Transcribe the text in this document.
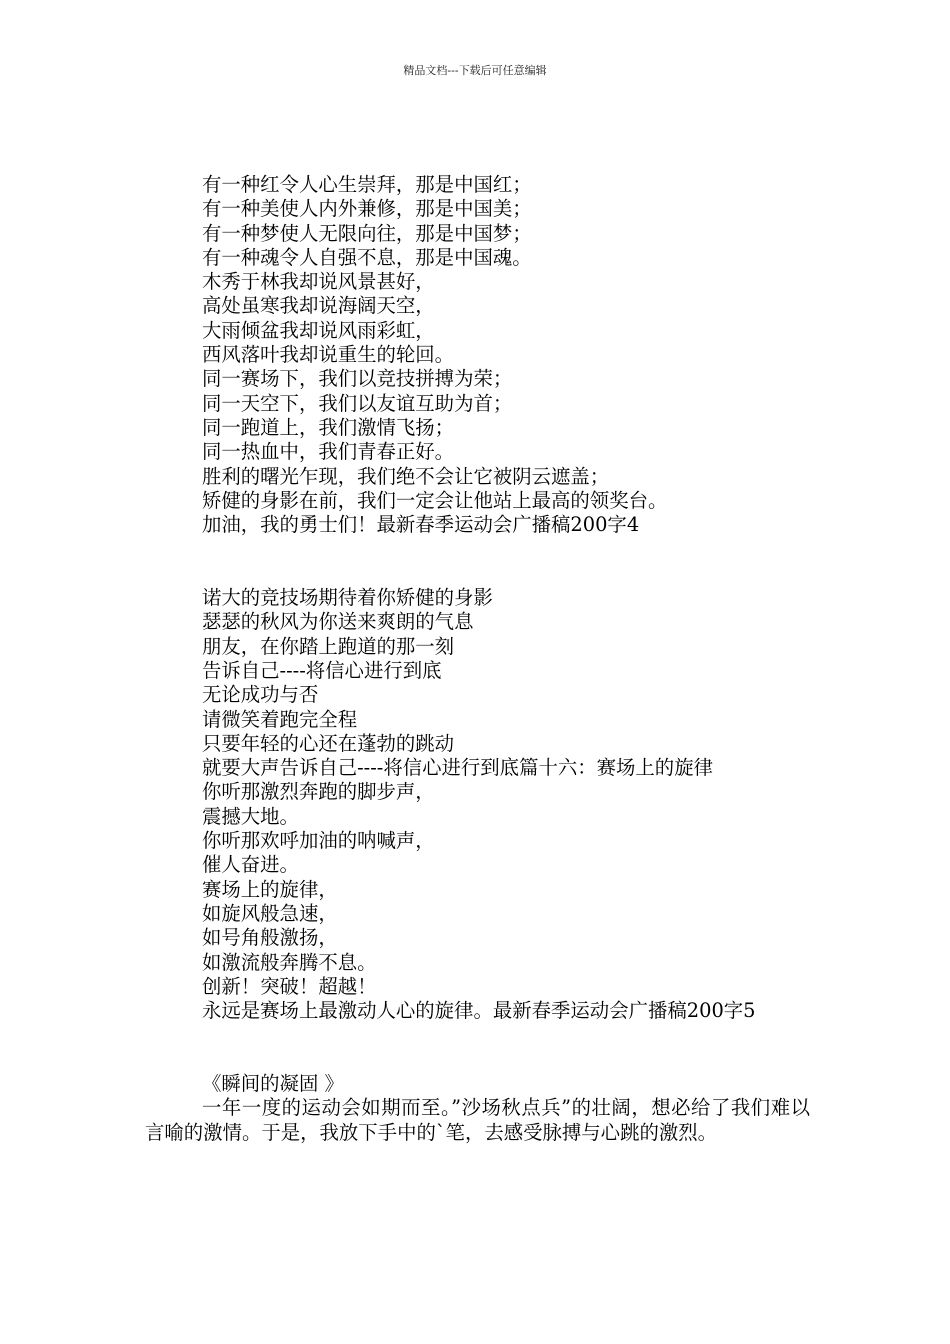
精品文档---下载后可任意编辑
有一种红令人心生崇拜，那是中国红；
有一种美使人内外兼修，那是中国美；
有一种梦使人无限向往，那是中国梦；
有一种魂令人自强不息，那是中国魂。
木秀于林我却说风景甚好，
高处虽寒我却说海阔天空，
大雨倾盆我却说风雨彩虹，
西风落叶我却说重生的轮回。
同一赛场下，我们以竞技拼搏为荣；
同一天空下，我们以友谊互助为首；
同一跑道上，我们激情飞扬；
同一热血中，我们青春正好。
胜利的曙光乍现，我们绝不会让它被阴云遮盖；
矫健的身影在前，我们一定会让他站上最高的领奖台。
加油，我的勇士们！最新春季运动会广播稿200字4
诺大的竞技场期待着你矫健的身影
瑟瑟的秋风为你送来爽朗的气息
朋友，在你踏上跑道的那一刻
告诉自己----将信心进行到底
无论成功与否
请微笑着跑完全程
只要年轻的心还在蓬勃的跳动
就要大声告诉自己----将信心进行到底篇十六：赛场上的旋律
你听那激烈奔跑的脚步声，
震撼大地。
你听那欢呼加油的呐喊声，
催人奋进。
赛场上的旋律，
如旋风般急速，
如号角般激扬，
如激流般奔腾不息。
创新！突破！超越！
永远是赛场上最激动人心的旋律。最新春季运动会广播稿200字5
《瞬间的凝固 》
一年一度的运动会如期而至。”沙场秋点兵”的壮阔，想必给了我们难以言喻的激情。于是，我放下手中的`笔，去感受脉搏与心跳的激烈。
